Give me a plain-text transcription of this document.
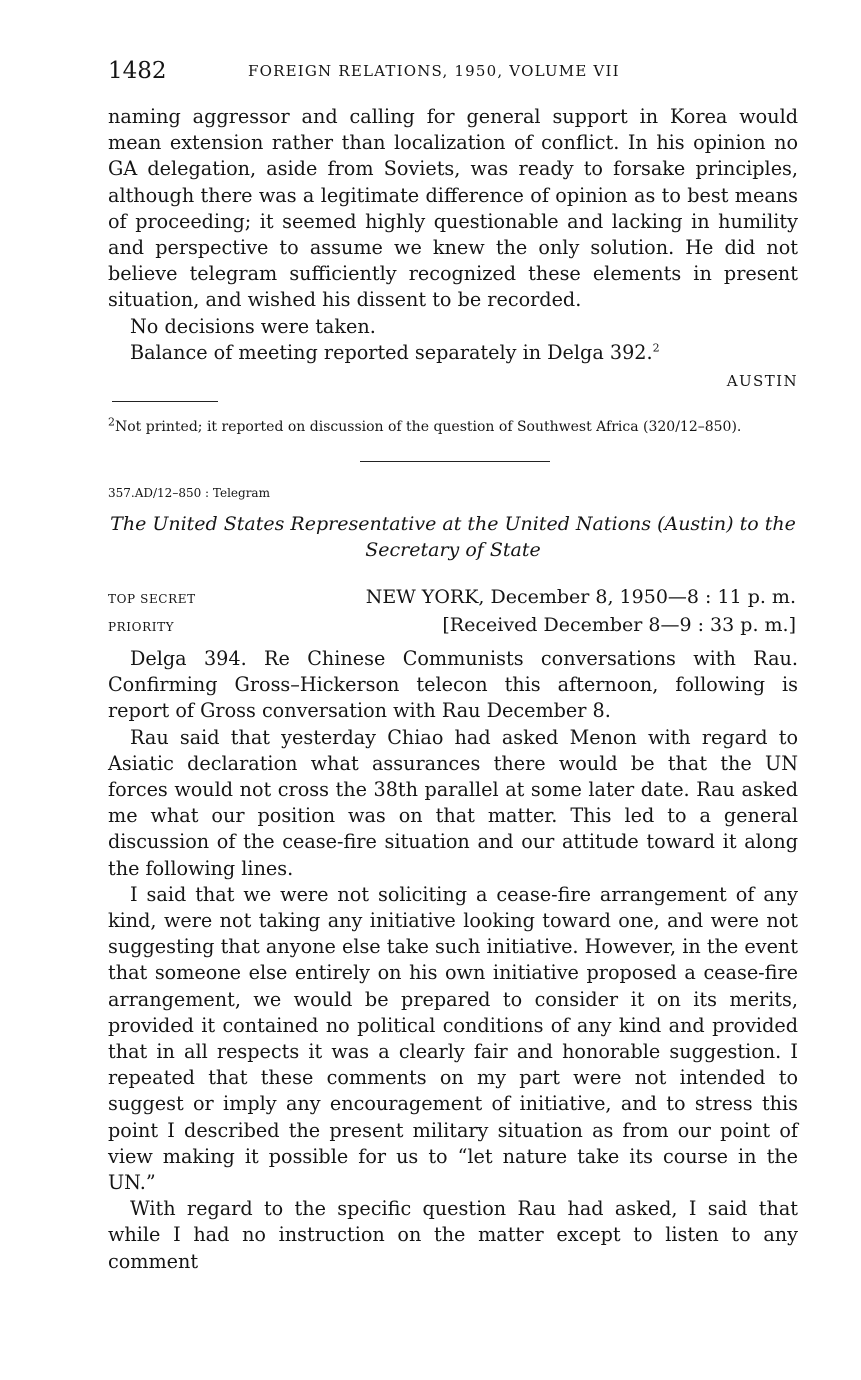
1482	FOREIGN RELATIONS, 1950, VOLUME VII

naming aggressor and calling for general support in Korea would mean extension rather than localization of conflict. In his opinion no GA delegation, aside from Soviets, was ready to forsake principles, although there was a legitimate difference of opinion as to best means of proceeding; it seemed highly questionable and lacking in humility and perspective to assume we knew the only solution. He did not believe telegram sufficiently recognized these elements in present situation, and wished his dissent to be recorded.

No decisions were taken.

Balance of meeting reported separately in Delga 392.$^2$

AUSTIN
$^2$Not printed; it reported on discussion of the question of Southwest Africa (320/12–850).
357.AD/12–850 : Telegram
The United States Representative at the United Nations (Austin) to the Secretary of State
TOP SECRET	NEW YORK, December 8, 1950—8 : 11 p. m.
PRIORITY	[Received December 8—9 : 33 p. m.]

Delga 394. Re Chinese Communists conversations with Rau. Confirming Gross–Hickerson telecon this afternoon, following is report of Gross conversation with Rau December 8.

Rau said that yesterday Chiao had asked Menon with regard to Asiatic declaration what assurances there would be that the UN forces would not cross the 38th parallel at some later date. Rau asked me what our position was on that matter. This led to a general discussion of the cease-fire situation and our attitude toward it along the following lines.

I said that we were not soliciting a cease-fire arrangement of any kind, were not taking any initiative looking toward one, and were not suggesting that anyone else take such initiative. However, in the event that someone else entirely on his own initiative proposed a cease-fire arrangement, we would be prepared to consider it on its merits, provided it contained no political conditions of any kind and provided that in all respects it was a clearly fair and honorable suggestion. I repeated that these comments on my part were not intended to suggest or imply any encouragement of initiative, and to stress this point I described the present military situation as from our point of view making it possible for us to “let nature take its course in the UN.”

With regard to the specific question Rau had asked, I said that while I had no instruction on the matter except to listen to any comment
